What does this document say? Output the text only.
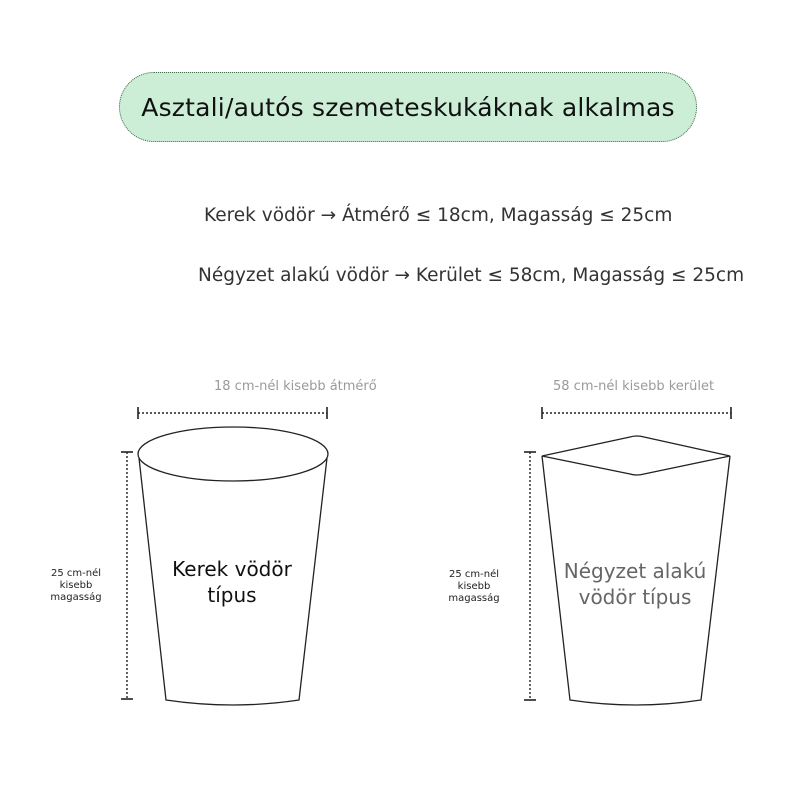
Asztali/autós szemeteskukáknak alkalmas
Kerek vödör → Átmérő ≤ 18cm, Magasság ≤ 25cm
Négyzet alakú vödör → Kerület ≤ 58cm, Magasság ≤ 25cm
18 cm-nél kisebb átmérő	58 cm-nél kisebb kerület
25 cm-nél
kisebb
magasság
25 cm-nél
kisebb
magasság
Kerek vödör
típus
Négyzet alakú
vödör típus
